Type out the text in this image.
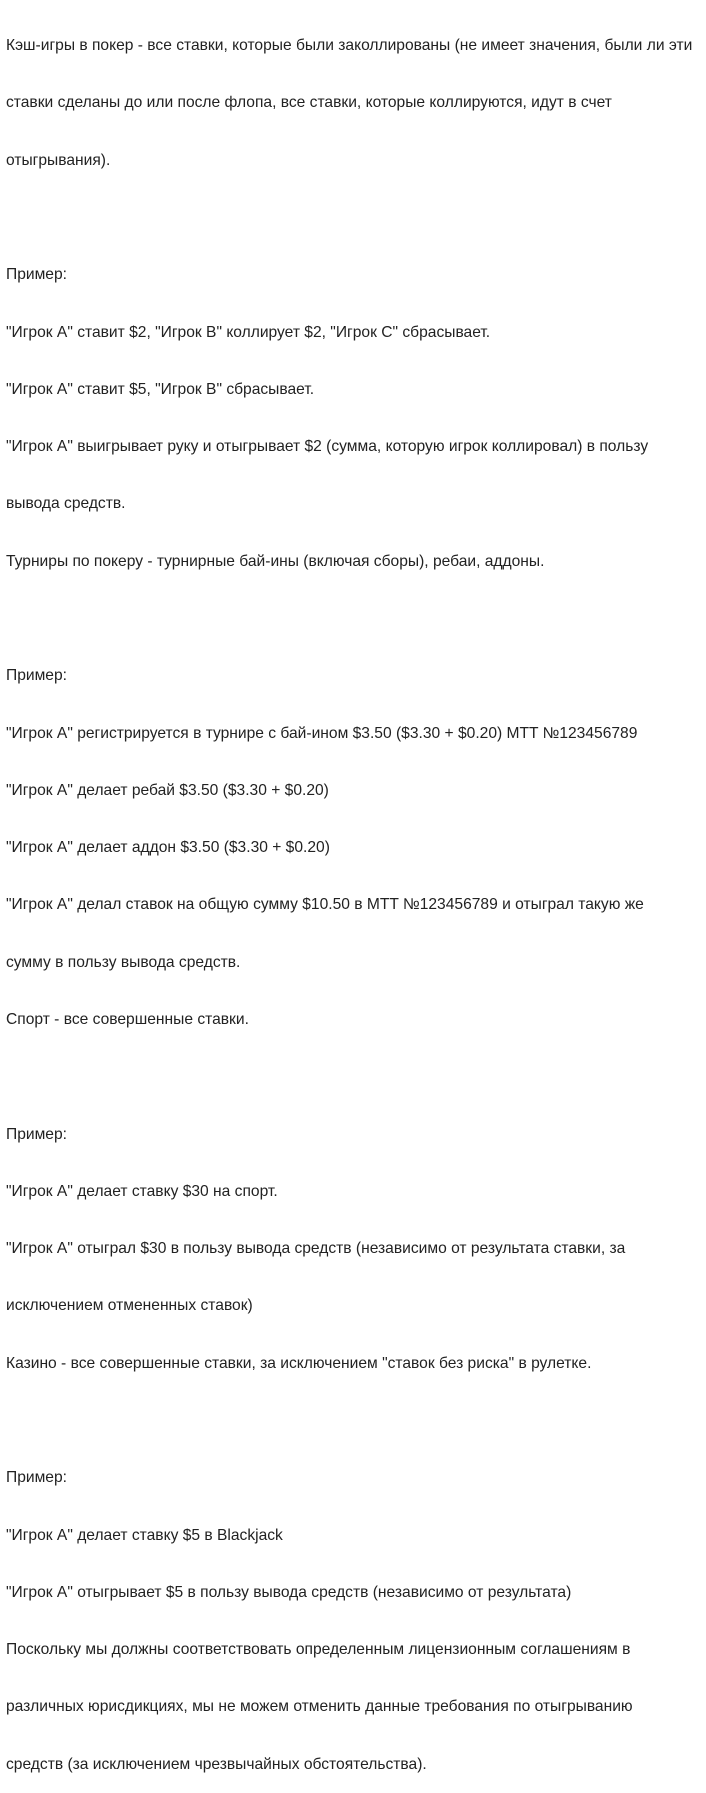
Кэш-игры в покер - все ставки, которые были заколлированы (не имеет значения, были ли эти

ставки сделаны до или после флопа, все ставки, которые коллируются, идут в счет

отыгрывания).

Пример:

"Игрок А" ставит $2, "Игрок В" коллирует $2, "Игрок С" сбрасывает.

"Игрок А" ставит $5, "Игрок В" сбрасывает.

"Игрок А" выигрывает руку и отыгрывает $2 (сумма, которую игрок коллировал) в пользу

вывода средств.

Турниры по покеру - турнирные бай-ины (включая сборы), ребаи, аддоны.

Пример:

"Игрок А" регистрируется в турнире с бай-ином $3.50 ($3.30 + $0.20) MTT №123456789

"Игрок А" делает ребай $3.50 ($3.30 + $0.20)

"Игрок А" делает аддон $3.50 ($3.30 + $0.20)

"Игрок А" делал ставок на общую сумму $10.50 в MTT №123456789 и отыграл такую же

сумму в пользу вывода средств.

Спорт - все совершенные ставки.

Пример:

"Игрок А" делает ставку $30 на спорт.

"Игрок А" отыграл $30 в пользу вывода средств (независимо от результата ставки, за

исключением отмененных ставок)

Казино - все совершенные ставки, за исключением "ставок без риска" в рулетке.

Пример:

"Игрок А" делает ставку $5 в Blackjack

"Игрок А" отыгрывает $5 в пользу вывода средств (независимо от результата)

Поскольку мы должны соответствовать определенным лицензионным соглашениям в

различных юрисдикциях, мы не можем отменить данные требования по отыгрыванию

средств (за исключением чрезвычайных обстоятельства).
